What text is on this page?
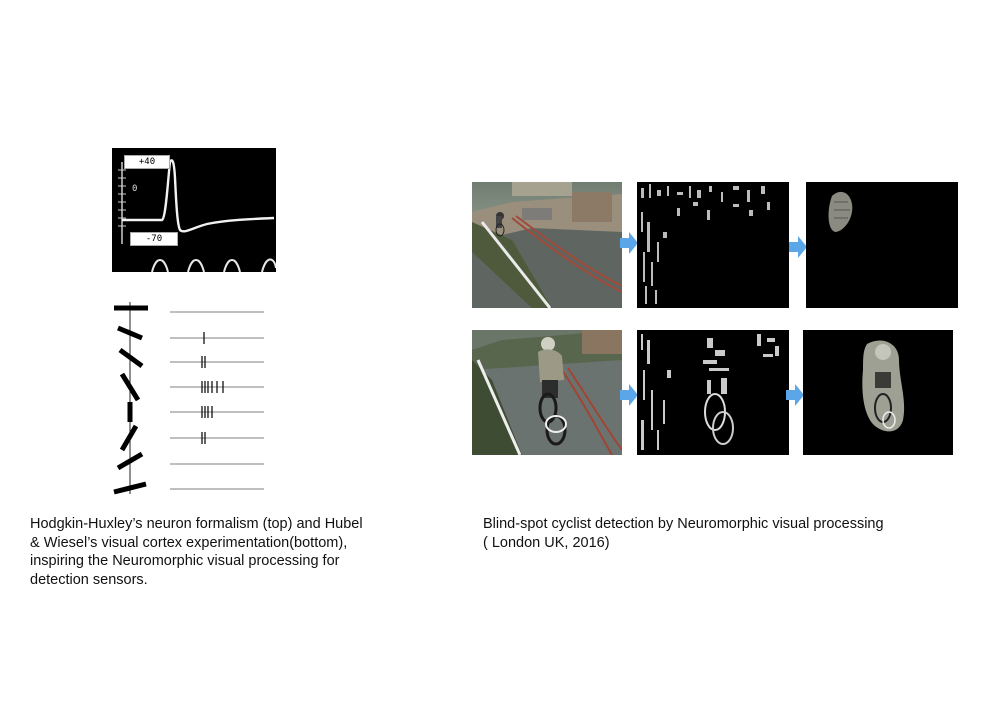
+40
0
-70

Hodgkin-Huxley’s neuron formalism (top) and Hubel

& Wiesel’s visual cortex experimentation(bottom),

inspiring the Neuromorphic visual processing for

detection sensors.

Blind-spot cyclist detection by Neuromorphic visual processing

( London UK, 2016)
